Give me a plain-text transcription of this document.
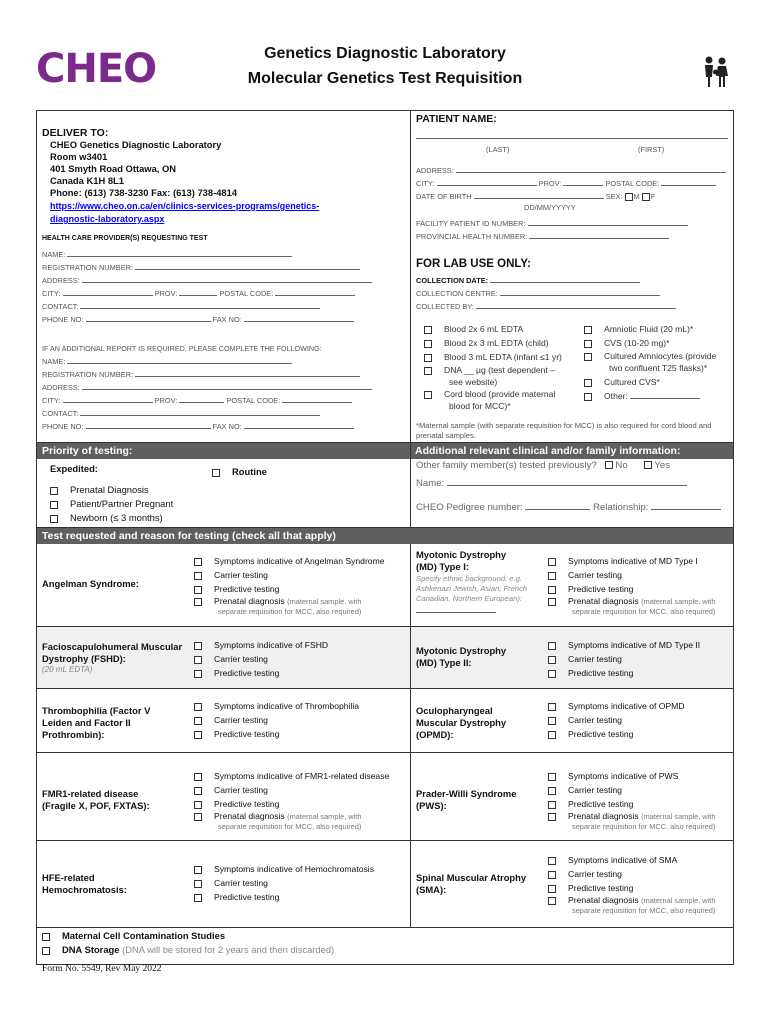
CHEO	Genetics Diagnostic Laboratory
Molecular Genetics Test Requisition
DELIVER TO:
CHEO Genetics Diagnostic Laboratory
Room w3401
401 Smyth Road Ottawa, ON
Canada K1H 8L1
Phone: (613) 738-3230 Fax: (613) 738-4814
https://www.cheo.on.ca/en/clinics-services-programs/genetics-
diagnostic-laboratory.aspx
HEALTH CARE PROVIDER(S) REQUESTING TEST
NAME:
REGISTRATION NUMBER:
ADDRESS:
CITY:	PROV:	POSTAL CODE:
CONTACT:
PHONE NO:	FAX NO:
IF AN ADDITIONAL REPORT IS REQUIRED, PLEASE COMPLETE THE FOLLOWING:
NAME:
REGISTRATION NUMBER:
ADDRESS:
CITY:	PROV:	POSTAL CODE:
CONTACT:
PHONE NO:	FAX NO:
PATIENT NAME:
(LAST)	(FIRST)
ADDRESS:
CITY:	PROV:	POSTAL CODE:
DATE OF BIRTH	SEX: M F
DD/MM/YYYYY
FACILITY PATIENT ID NUMBER:
PROVINCIAL HEALTH NUMBER:
FOR LAB USE ONLY:
COLLECTION DATE:
COLLECTION CENTRE:
COLLECTED BY:
Blood 2x 6 mL EDTA
Blood 2x 3 mL EDTA (child)
Blood 3 mL EDTA (infant ≤1 yr)
DNA __ µg (test dependent –
see website)
Cord blood (provide maternal
blood for MCC)*
Amniotic Fluid (20 mL)*
CVS (10-20 mg)*
Cultured Amniocytes (provide
two confluent T25 flasks)*
Cultured CVS*
Other:
*Maternal sample (with separate requisition for MCC) is also required for cord blood and prenatal samples.
Priority of testing:	Additional relevant clinical and/or family information:
Expedited:
Prenatal Diagnosis
Patient/Partner Pregnant
Newborn (≤ 3 months)
Routine
Other family member(s) tested previously? No	Yes
Name:
CHEO Pedigree number:	Relationship:
Test requested and reason for testing (check all that apply)
Angelman Syndrome:
Symptoms indicative of Angelman Syndrome
Carrier testing
Predictive testing
Prenatal diagnosis (maternal sample, with
separate requisition for MCC, also required)
Facioscapulohumeral Muscular Dystrophy (FSHD):
(20 mL EDTA)
Symptoms indicative of FSHD
Carrier testing
Predictive testing
Thrombophilia (Factor V Leiden and Factor II Prothrombin):
Symptoms indicative of Thrombophilia
Carrier testing
Predictive testing
FMR1-related disease (Fragile X, POF, FXTAS):
Symptoms indicative of FMR1-related disease
Carrier testing
Predictive testing
Prenatal diagnosis (maternal sample, with
separate requisition for MCC, also required)
HFE-related Hemochromatosis:
Symptoms indicative of Hemochromatosis
Carrier testing
Predictive testing
Myotonic Dystrophy (MD) Type I:
Specify ethnic background: e.g. Ashkenazi Jewish, Asian, French Canadian, Northern European):
Symptoms indicative of MD Type I
Carrier testing
Predictive testing
Prenatal diagnosis (maternal sample, with
separate requisition for MCC, also required)
Myotonic Dystrophy (MD) Type II:
Symptoms indicative of MD Type II
Carrier testing
Predictive testing
Oculopharyngeal Muscular Dystrophy (OPMD):
Symptoms indicative of OPMD
Carrier testing
Predictive testing
Prader-Willi Syndrome (PWS):
Symptoms indicative of PWS
Carrier testing
Predictive testing
Prenatal diagnosis (maternal sample, with
separate requisition for MCC, also required)
Spinal Muscular Atrophy (SMA):
Symptoms indicative of SMA
Carrier testing
Predictive testing
Prenatal diagnosis (maternal sample, with
separate requisition for MCC, also required)
Maternal Cell Contamination Studies
DNA Storage (DNA will be stored for 2 years and then discarded)
Form No. 5549, Rev May 2022
